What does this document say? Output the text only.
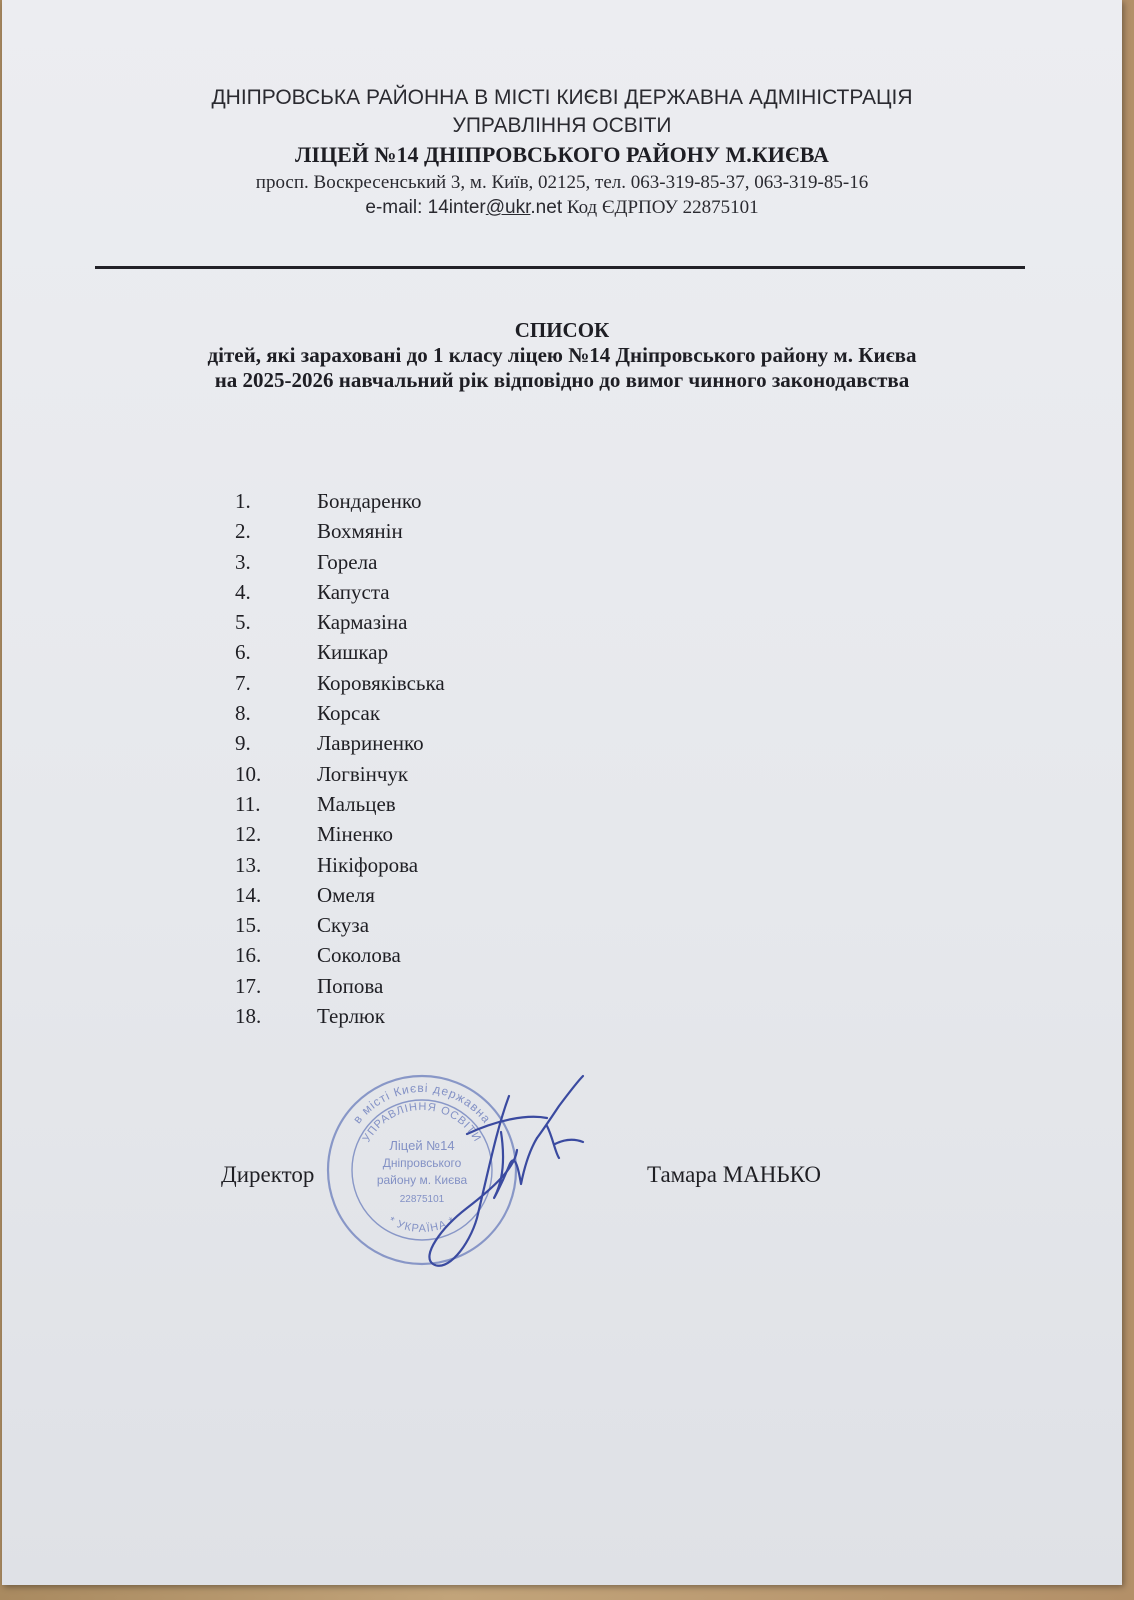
ДНІПРОВСЬКА РАЙОННА В МІСТІ КИЄВІ ДЕРЖАВНА АДМІНІСТРАЦІЯ
УПРАВЛІННЯ ОСВІТИ
ЛІЦЕЙ №14 ДНІПРОВСЬКОГО РАЙОНУ М.КИЄВА
просп. Воскресенський 3, м. Київ, 02125, тел. 063-319-85-37, 063-319-85-16
e-mail: 14inter@ukr.net Код ЄДРПОУ 22875101
СПИСОК
дітей, які зараховані до 1 класу ліцею №14 Дніпровського району м. Києва
на 2025-2026 навчальний рік відповідно до вимог чинного законодавства
1.	Бондаренко
2.	Вохмянін
3.	Горела
4.	Капуста
5.	Кармазіна
6.	Кишкар
7.	Коровяківська
8.	Корсак
9.	Лавриненко
10.	Логвінчук
11.	Мальцев
12.	Міненко
13.	Нікіфорова
14.	Омеля
15.	Скуза
16.	Соколова
17.	Попова
18.	Терлюк
в місті Києві державна
УПРАВЛІННЯ ОСВІТИ
Ліцей №14
Дніпровського
району м. Києва
22875101
* УКРАЇНА *
Директор	Тамара МАНЬКО
